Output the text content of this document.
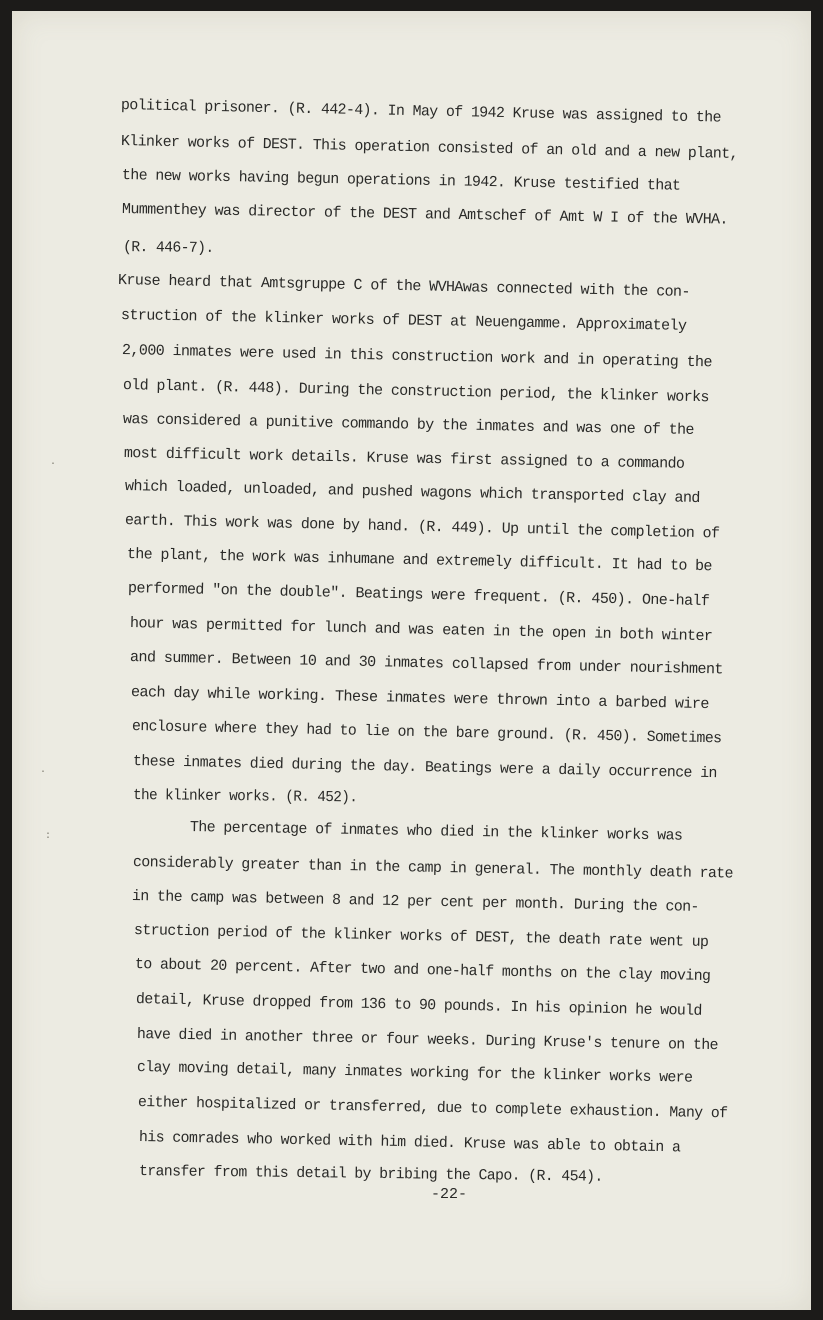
political prisoner. (R. 442-4). In May of 1942 Kruse was assigned to the
Klinker works of DEST. This operation consisted of an old and a new plant,
the new works having begun operations in 1942. Kruse testified that
Mummenthey was director of the DEST and Amtschef of Amt W I of the WVHA.
(R. 446-7).
Kruse heard that Amtsgruppe C of the WVHAwas connected with the con-
struction of the klinker works of DEST at Neuengamme. Approximately
2,000 inmates were used in this construction work and in operating the
old plant. (R. 448). During the construction period, the klinker works
was considered a punitive commando by the inmates and was one of the
most difficult work details. Kruse was first assigned to a commando
which loaded, unloaded, and pushed wagons which transported clay and
earth. This work was done by hand. (R. 449). Up until the completion of
the plant, the work was inhumane and extremely difficult. It had to be
performed "on the double". Beatings were frequent. (R. 450). One-half
hour was permitted for lunch and was eaten in the open in both winter
and summer. Between 10 and 30 inmates collapsed from under nourishment
each day while working. These inmates were thrown into a barbed wire
enclosure where they had to lie on the bare ground. (R. 450). Sometimes
these inmates died during the day. Beatings were a daily occurrence in
the klinker works. (R. 452).
The percentage of inmates who died in the klinker works was
considerably greater than in the camp in general. The monthly death rate
in the camp was between 8 and 12 per cent per month. During the con-
struction period of the klinker works of DEST, the death rate went up
to about 20 percent. After two and one-half months on the clay moving
detail, Kruse dropped from 136 to 90 pounds. In his opinion he would
have died in another three or four weeks. During Kruse's tenure on the
clay moving detail, many inmates working for the klinker works were
either hospitalized or transferred, due to complete exhaustion. Many of
his comrades who worked with him died. Kruse was able to obtain a
transfer from this detail by bribing the Capo. (R. 454).
-22-
·
·
:
